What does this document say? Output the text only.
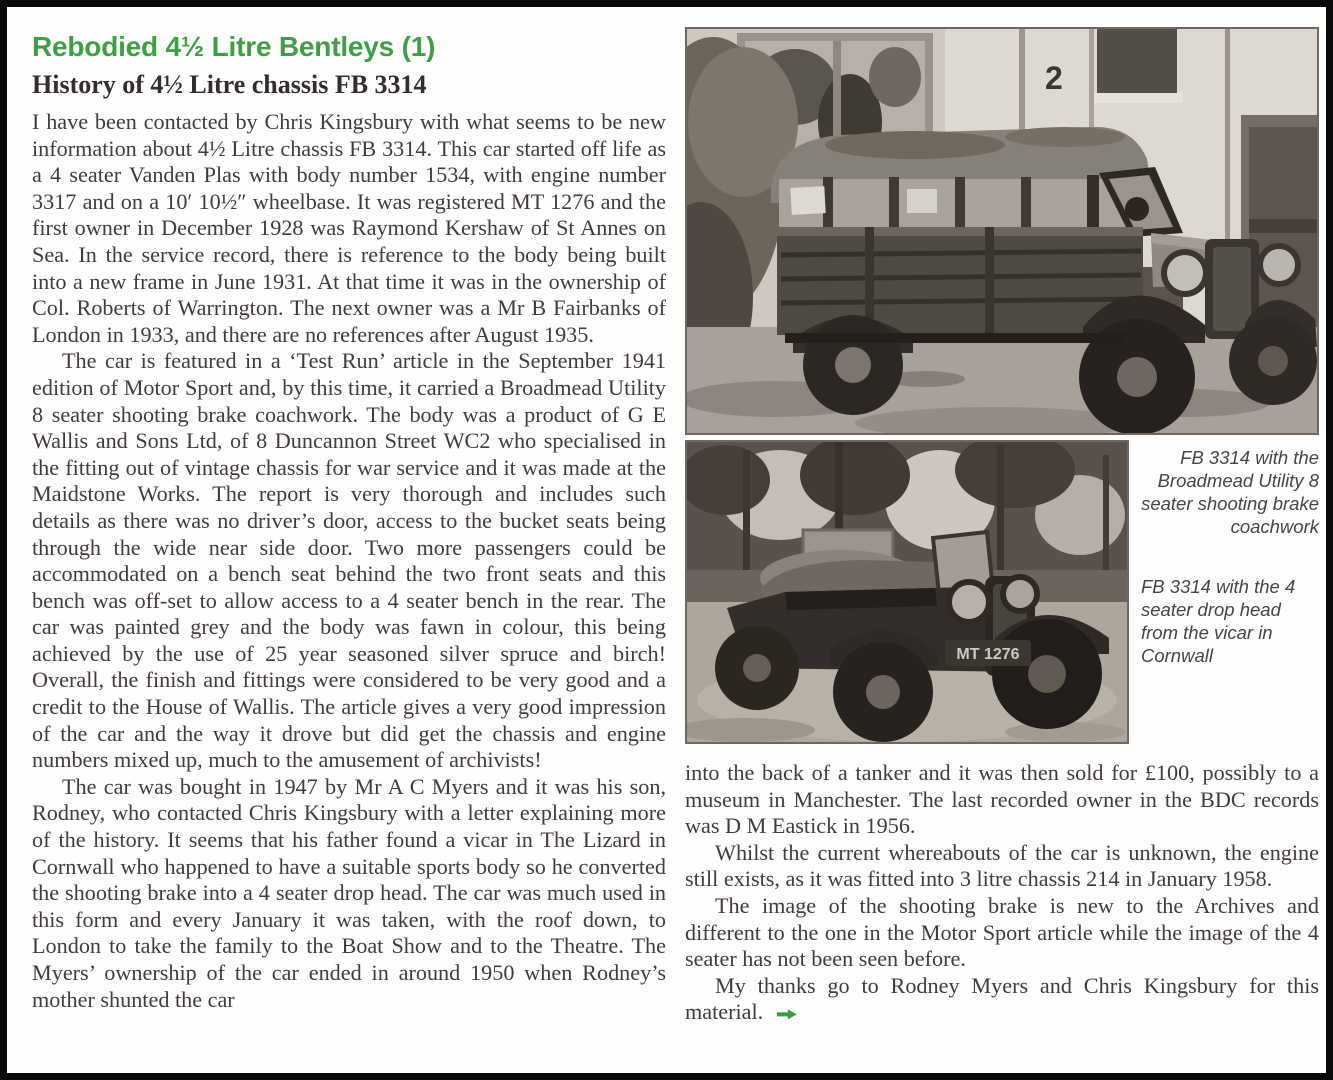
Rebodied 4½ Litre Bentleys (1)
History of 4½ Litre chassis FB 3314

I have been contacted by Chris Kingsbury with what seems to be new information about 4½ Litre chassis FB 3314. This car started off life as a 4 seater Vanden Plas with body number 1534, with engine number 3317 and on a 10′ 10½″ wheelbase. It was registered MT 1276 and the first owner in December 1928 was Raymond Kershaw of St Annes on Sea. In the service record, there is reference to the body being built into a new frame in June 1931. At that time it was in the ownership of Col. Roberts of Warrington. The next owner was a Mr B Fairbanks of London in 1933, and there are no references after August 1935.

The car is featured in a ‘Test Run’ article in the September 1941 edition of Motor Sport and, by this time, it carried a Broadmead Utility 8 seater shooting brake coachwork. The body was a product of G E Wallis and Sons Ltd, of 8 Duncannon Street WC2 who specialised in the fitting out of vintage chassis for war service and it was made at the Maidstone Works. The report is very thorough and includes such details as there was no driver’s door, access to the bucket seats being through the wide near side door. Two more passengers could be accommodated on a bench seat behind the two front seats and this bench was off-set to allow access to a 4 seater bench in the rear. The car was painted grey and the body was fawn in colour, this being achieved by the use of 25 year seasoned silver spruce and birch! Overall, the finish and fittings were considered to be very good and a credit to the House of Wallis. The article gives a very good impression of the car and the way it drove but did get the chassis and engine numbers mixed up, much to the amusement of archivists!

The car was bought in 1947 by Mr A C Myers and it was his son, Rodney, who contacted Chris Kingsbury with a letter explaining more of the history. It seems that his father found a vicar in The Lizard in Cornwall who happened to have a suitable sports body so he converted the shooting brake into a 4 seater drop head. The car was much used in this form and every January it was taken, with the roof down, to London to take the family to the Boat Show and to the Theatre. The Myers’ ownership of the car ended in around 1950 when Rodney’s mother shunted the car

2
MT 1276
FB 3314 with the Broadmead Utility 8 seater shooting brake coachwork
FB 3314 with the 4 seater drop head from the vicar in Cornwall

into the back of a tanker and it was then sold for £100, possibly to a museum in Manchester. The last recorded owner in the BDC records was D M Eastick in 1956.

Whilst the current whereabouts of the car is unknown, the engine still exists, as it was fitted into 3 litre chassis 214 in January 1958.

The image of the shooting brake is new to the Archives and different to the one in the Motor Sport article while the image of the 4 seater has not been seen before.

My thanks go to Rodney Myers and Chris Kingsbury for this material.
